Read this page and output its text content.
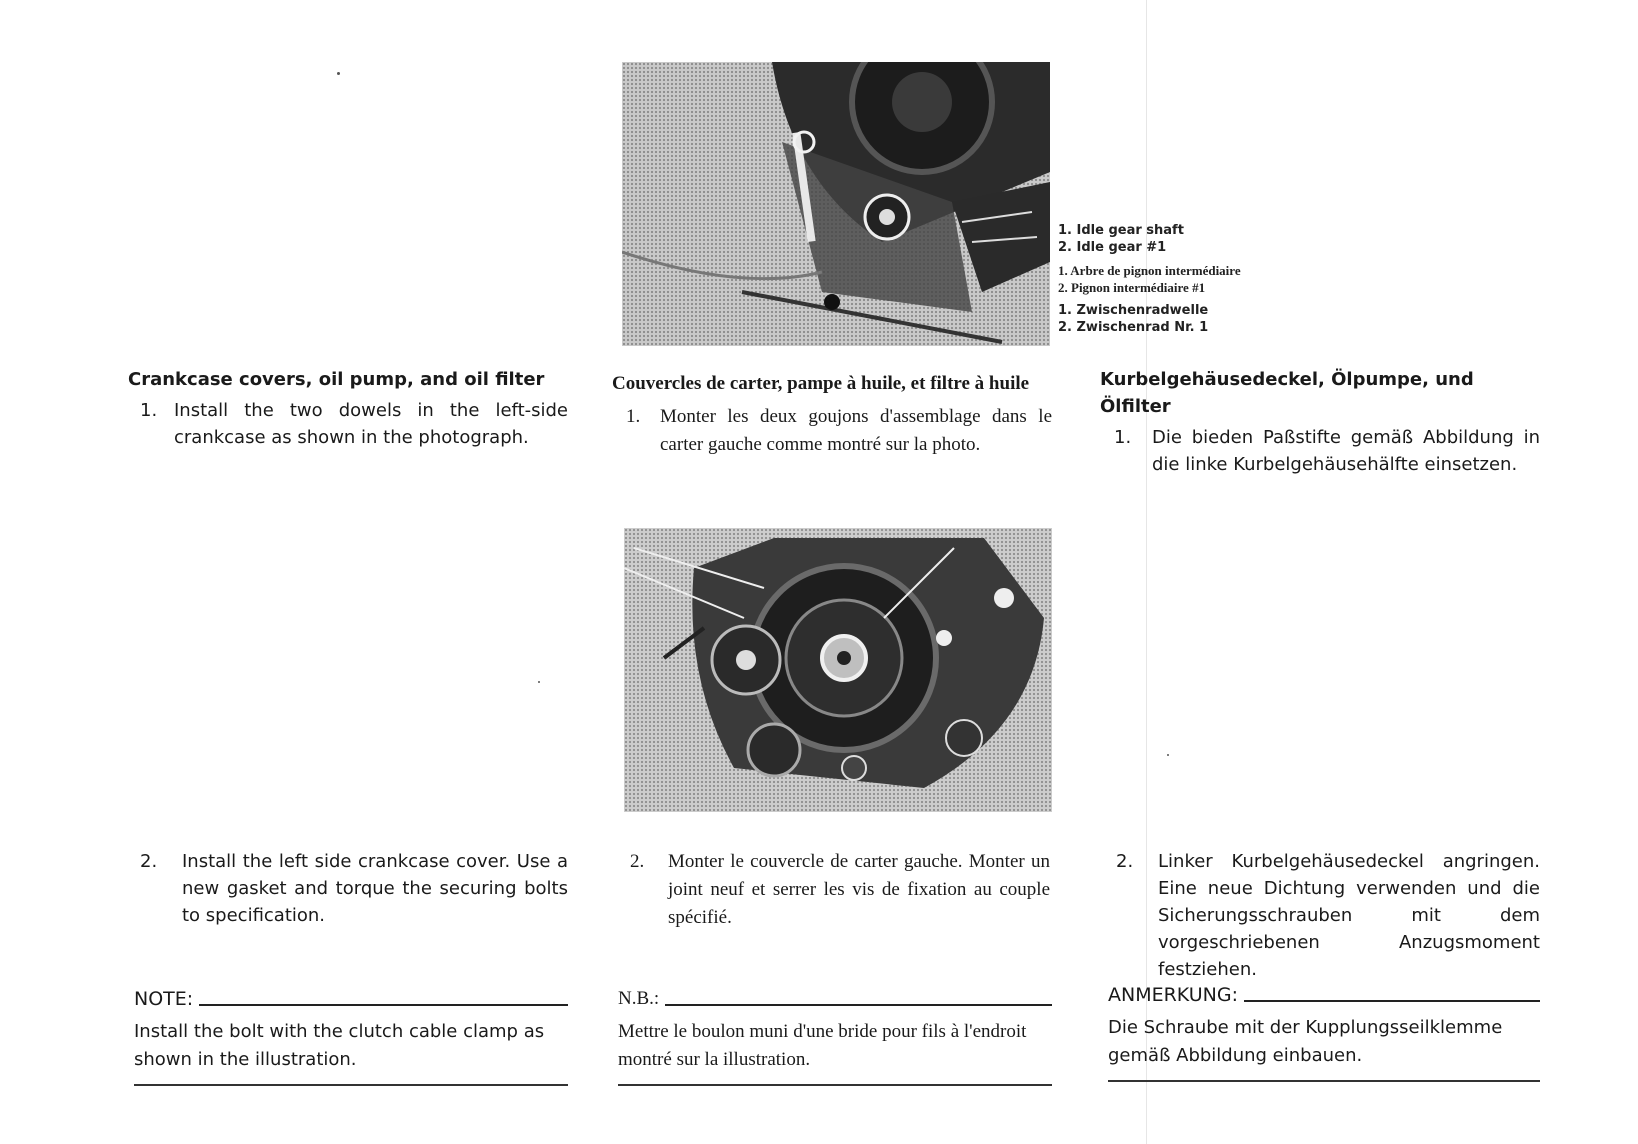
1. Idle gear shaft
2. Idle gear #1
1. Arbre de pignon intermédiaire
2. Pignon intermédiaire #1
1. Zwischenradwelle
2. Zwischenrad Nr. 1
Crankcase covers, oil pump, and oil filter
1. Install the two dowels in the left-side crankcase as shown in the photograph.
2. Install the left side crankcase cover. Use a new gasket and torque the securing bolts to specification.
NOTE:
Install the bolt with the clutch cable clamp as shown in the illustration.
Couvercles de carter, pampe à huile, et filtre à huile
1. Monter les deux goujons d'assemblage dans le carter gauche comme montré sur la photo.
2. Monter le couvercle de carter gauche. Monter un joint neuf et serrer les vis de fixation au couple spécifié.
N.B.:
Mettre le boulon muni d'une bride pour fils à l'endroit montré sur la illustration.
Kurbelgehäusedeckel, Ölpumpe, und Ölfilter
1. Die bieden Paßstifte gemäß Abbildung in die linke Kurbelgehäusehälfte einsetzen.
2. Linker Kurbelgehäusedeckel angringen. Eine neue Dichtung verwenden und die Sicherungsschrauben mit dem vorgeschriebenen Anzugsmoment festziehen.
ANMERKUNG:
Die Schraube mit der Kupplungsseilklemme gemäß Abbildung einbauen.
